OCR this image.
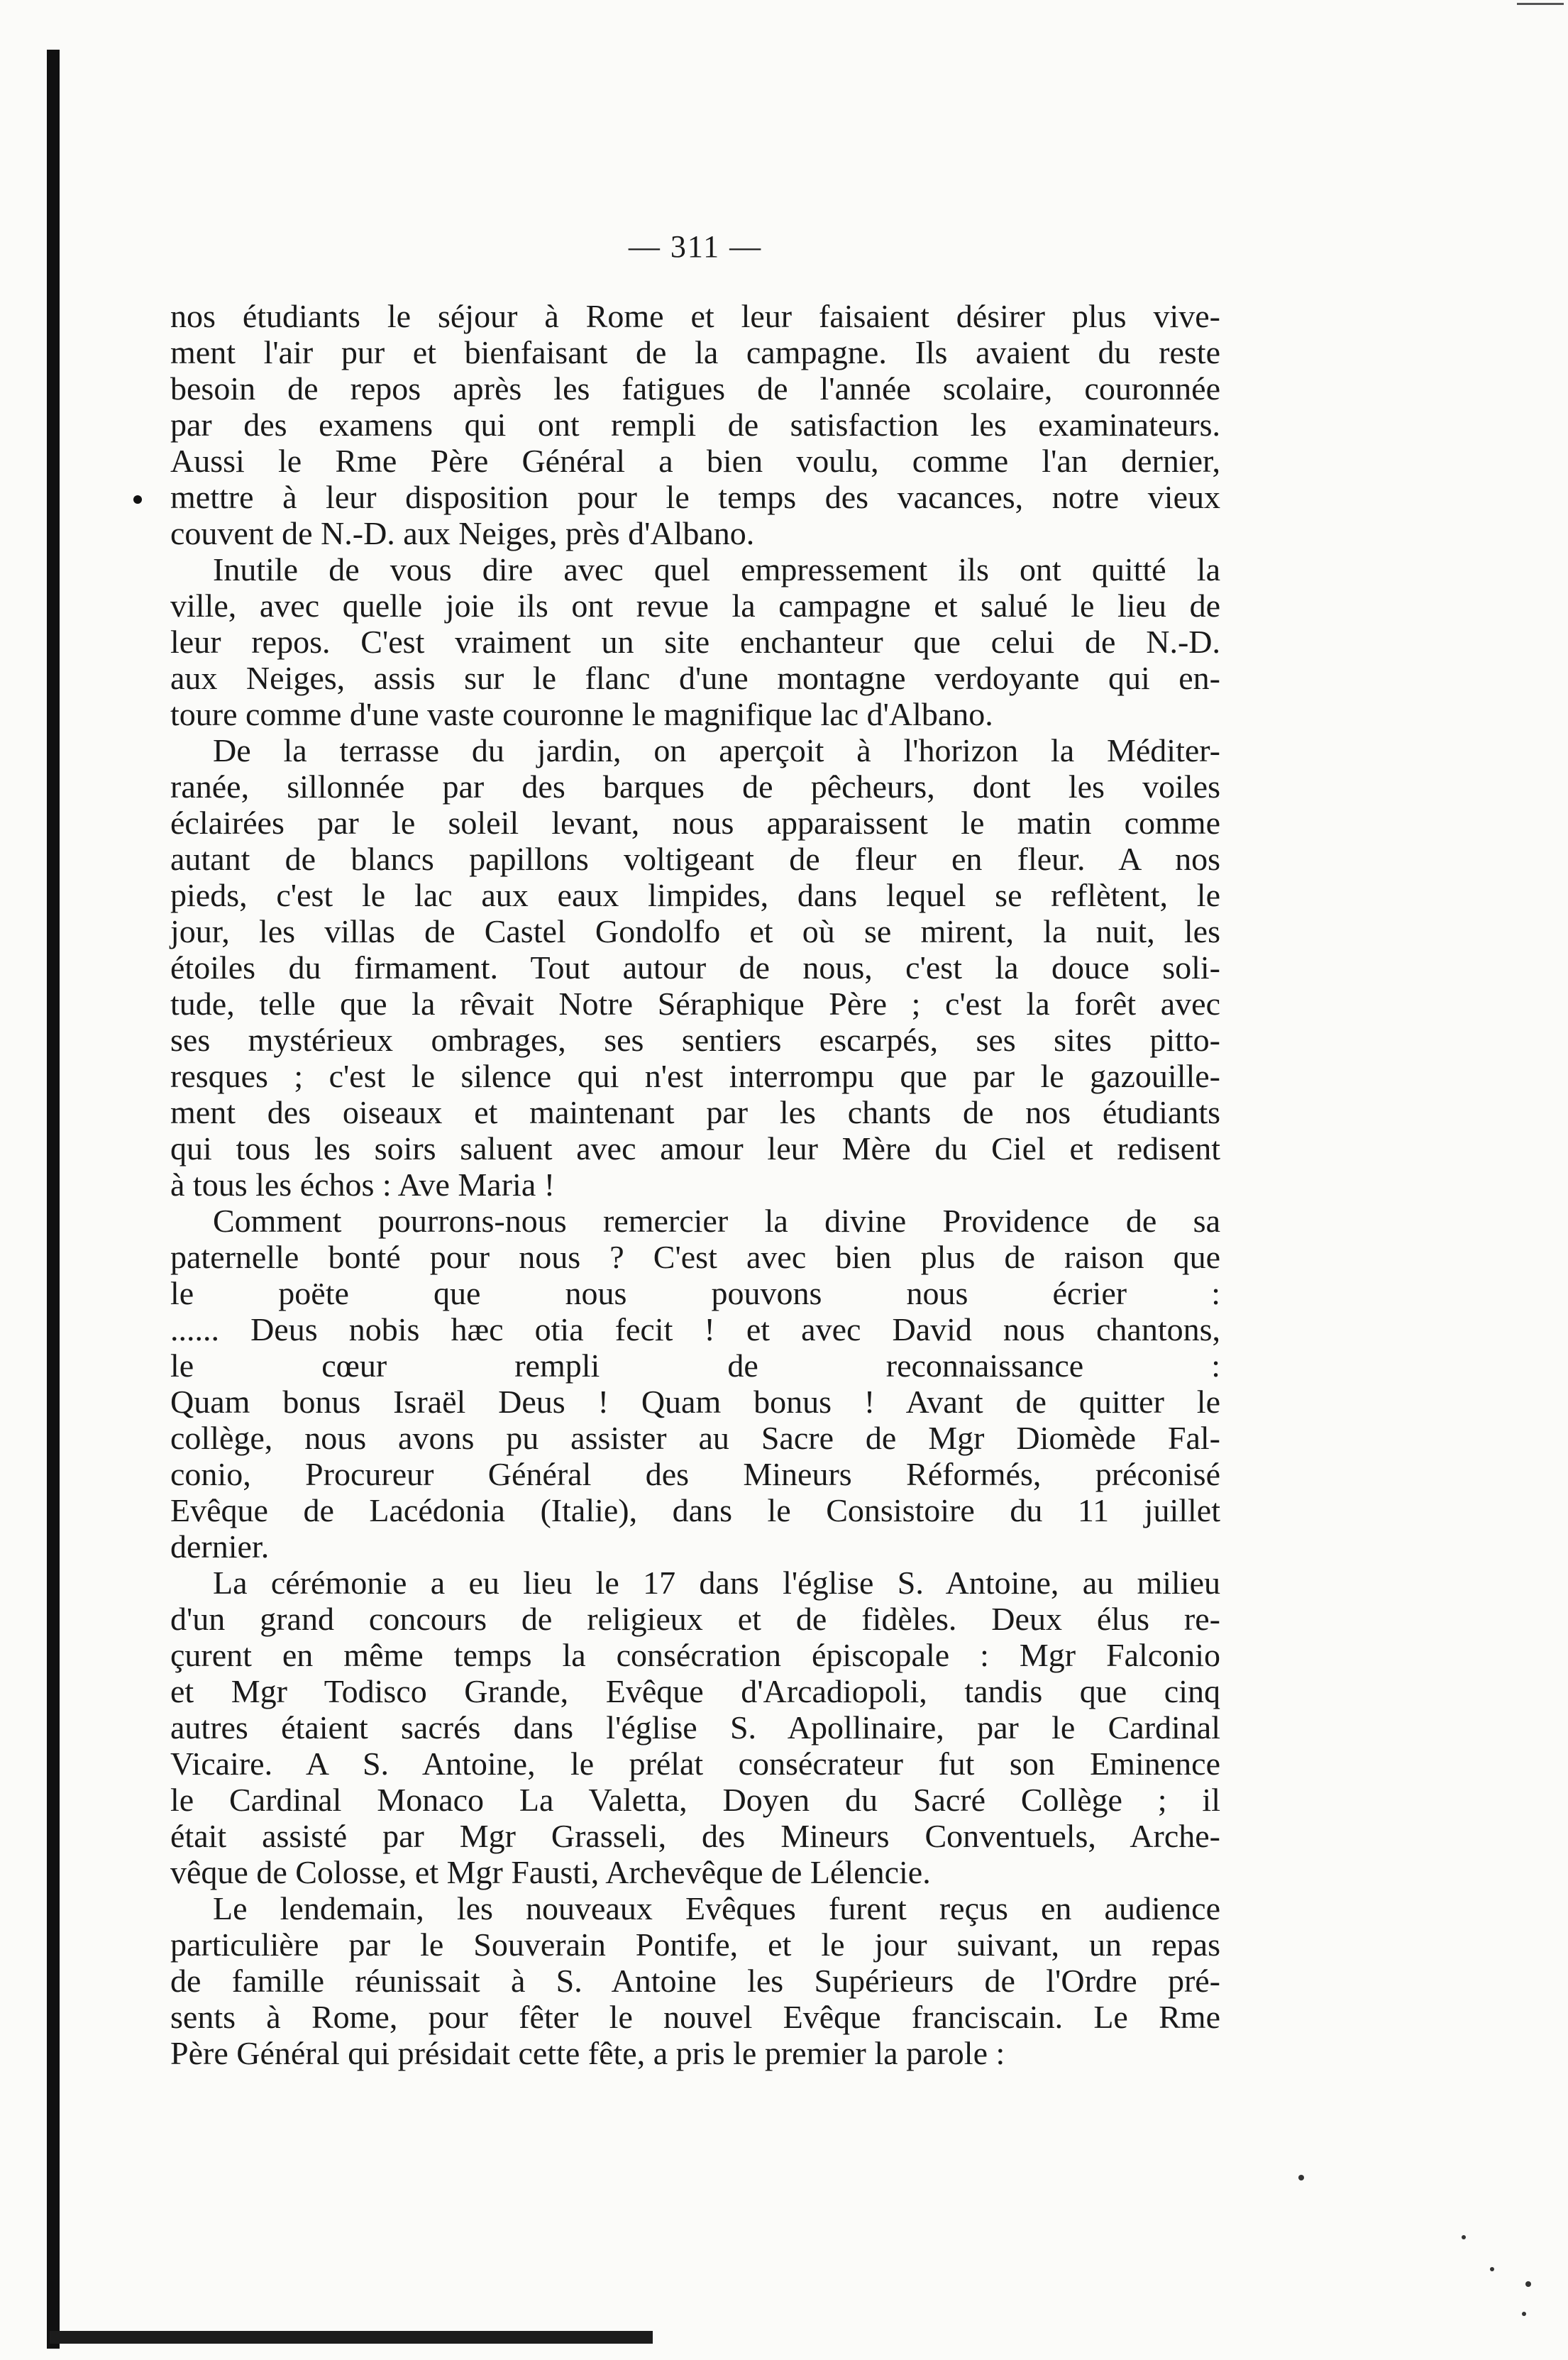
— 311 —

nos étudiants le séjour à Rome et leur faisaient désirer plus vive-
ment l'air pur et bienfaisant de la campagne. Ils avaient du reste
besoin de repos après les fatigues de l'année scolaire, couronnée
par des examens qui ont rempli de satisfaction les examinateurs.
Aussi le Rme Père Général a bien voulu, comme l'an dernier,
mettre à leur disposition pour le temps des vacances, notre vieux
couvent de N.-D. aux Neiges, près d'Albano.

Inutile de vous dire avec quel empressement ils ont quitté la
ville, avec quelle joie ils ont revue la campagne et salué le lieu de
leur repos. C'est vraiment un site enchanteur que celui de N.-D.
aux Neiges, assis sur le flanc d'une montagne verdoyante qui en-
toure comme d'une vaste couronne le magnifique lac d'Albano.

De la terrasse du jardin, on aperçoit à l'horizon la Méditer-
ranée, sillonnée par des barques de pêcheurs, dont les voiles
éclairées par le soleil levant, nous apparaissent le matin comme
autant de blancs papillons voltigeant de fleur en fleur. A nos
pieds, c'est le lac aux eaux limpides, dans lequel se reflètent, le
jour, les villas de Castel Gondolfo et où se mirent, la nuit, les
étoiles du firmament. Tout autour de nous, c'est la douce soli-
tude, telle que la rêvait Notre Séraphique Père ; c'est la forêt avec
ses mystérieux ombrages, ses sentiers escarpés, ses sites pitto-
resques ; c'est le silence qui n'est interrompu que par le gazouille-
ment des oiseaux et maintenant par les chants de nos étudiants
qui tous les soirs saluent avec amour leur Mère du Ciel et redisent
à tous les échos : Ave Maria !

Comment pourrons-nous remercier la divine Providence de sa
paternelle bonté pour nous ? C'est avec bien plus de raison que
le poëte que nous pouvons nous écrier :
...... Deus nobis hæc otia fecit ! et avec David nous chantons,
le cœur rempli de reconnaissance :
Quam bonus Israël Deus ! Quam bonus ! Avant de quitter le
collège, nous avons pu assister au Sacre de Mgr Diomède Fal-
conio, Procureur Général des Mineurs Réformés, préconisé
Evêque de Lacédonia (Italie), dans le Consistoire du 11 juillet
dernier.

La cérémonie a eu lieu le 17 dans l'église S. Antoine, au milieu
d'un grand concours de religieux et de fidèles. Deux élus re-
çurent en même temps la consécration épiscopale : Mgr Falconio
et Mgr Todisco Grande, Evêque d'Arcadiopoli, tandis que cinq
autres étaient sacrés dans l'église S. Apollinaire, par le Cardinal
Vicaire. A S. Antoine, le prélat consécrateur fut son Eminence
le Cardinal Monaco La Valetta, Doyen du Sacré Collège ; il
était assisté par Mgr Grasseli, des Mineurs Conventuels, Arche-
vêque de Colosse, et Mgr Fausti, Archevêque de Lélencie.

Le lendemain, les nouveaux Evêques furent reçus en audience
particulière par le Souverain Pontife, et le jour suivant, un repas
de famille réunissait à S. Antoine les Supérieurs de l'Ordre pré-
sents à Rome, pour fêter le nouvel Evêque franciscain. Le Rme
Père Général qui présidait cette fête, a pris le premier la parole :
